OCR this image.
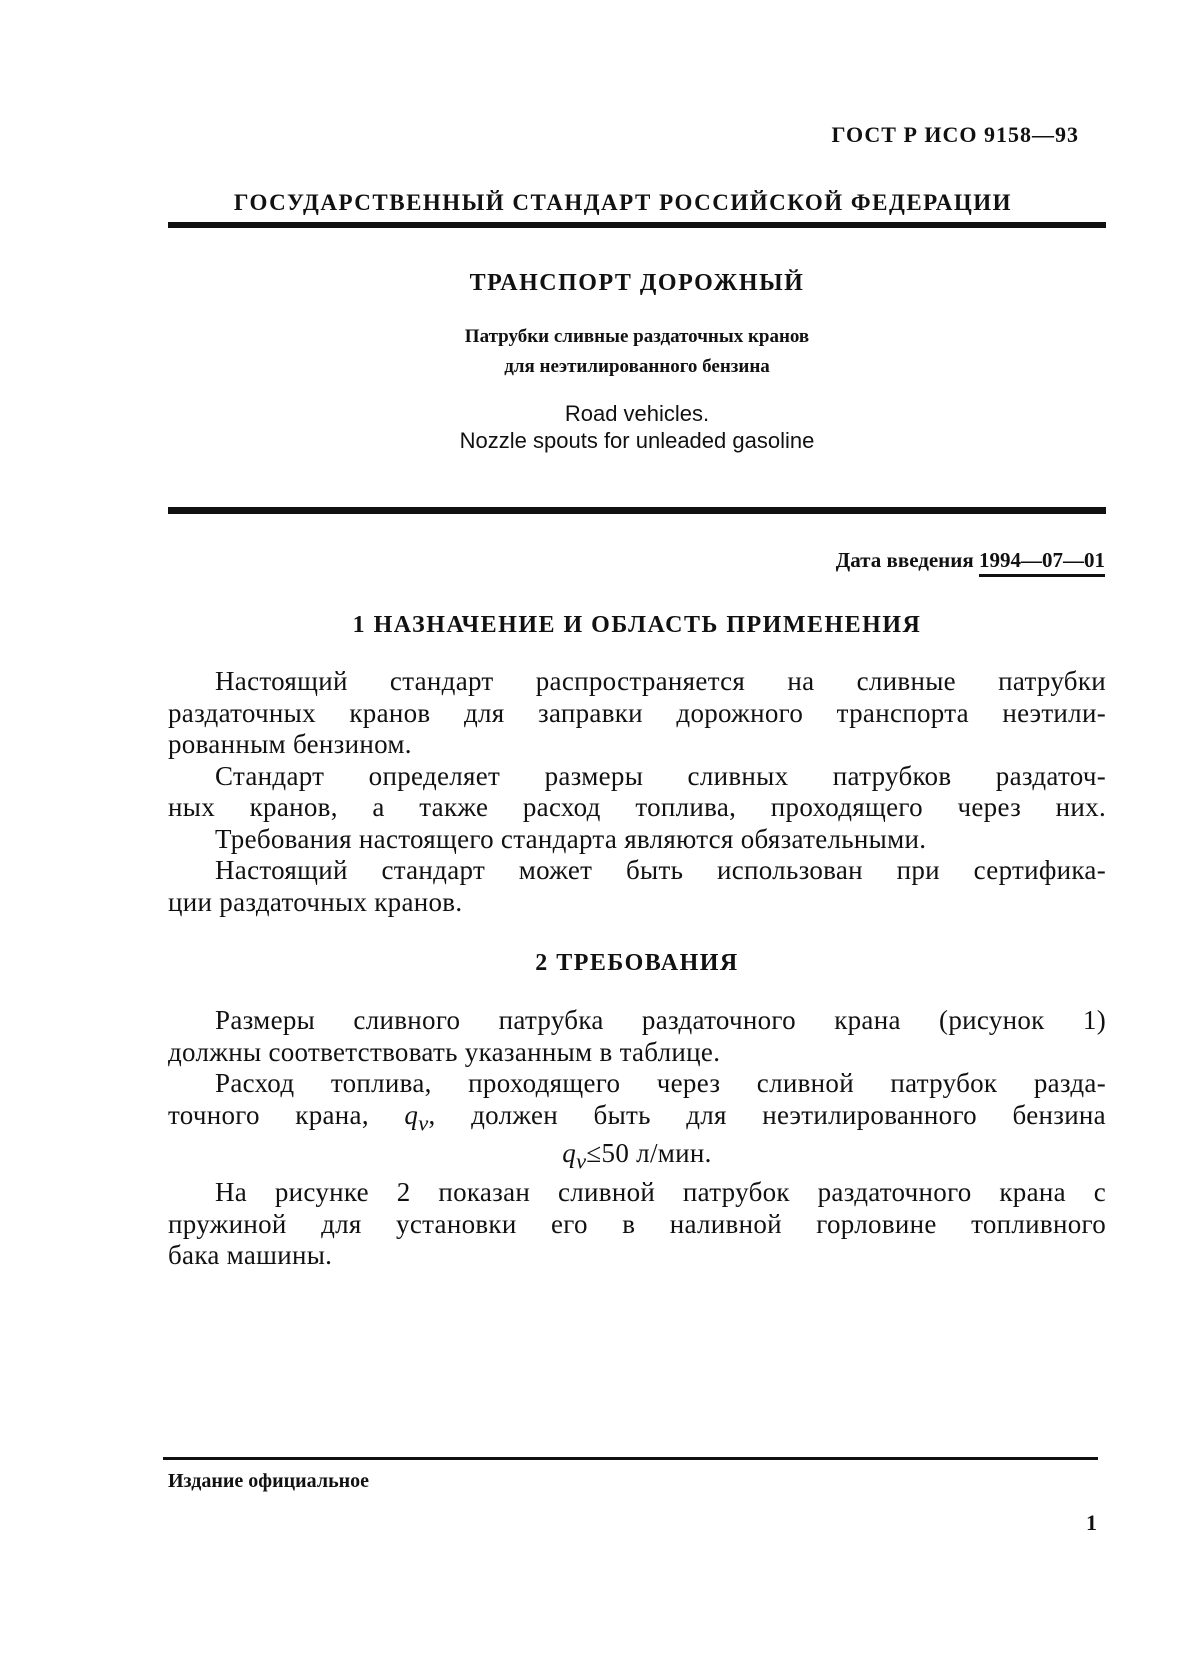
ГОСТ Р ИСО 9158—93
ГОСУДАРСТВЕННЫЙ СТАНДАРТ РОССИЙСКОЙ ФЕДЕРАЦИИ
ТРАНСПОРТ ДОРОЖНЫЙ
Патрубки сливные раздаточных кранов
для неэтилированного бензина
Road vehicles.
Nozzle spouts for unleaded gasoline
Дата введения 1994—07—01
1 НАЗНАЧЕНИЕ И ОБЛАСТЬ ПРИМЕНЕНИЯ
Настоящий стандарт распространяется на сливные патрубки
раздаточных кранов для заправки дорожного транспорта неэтили-
рованным бензином.
Стандарт определяет размеры сливных патрубков раздаточ-
ных кранов, а также расход топлива, проходящего через них.
Требования настоящего стандарта являются обязательными.
Настоящий стандарт может быть использован при сертифика-
ции раздаточных кранов.
2 ТРЕБОВАНИЯ
Размеры сливного патрубка раздаточного крана (рисунок 1)
должны соответствовать указанным в таблице.
Расход топлива, проходящего через сливной патрубок разда-
точного крана, $q_v$, должен быть для неэтилированного бензина
$q_v\le 50$ л/мин.
На рисунке 2 показан сливной патрубок раздаточного крана с
пружиной для установки его в наливной горловине топливного
бака машины.
Издание официальное
1
